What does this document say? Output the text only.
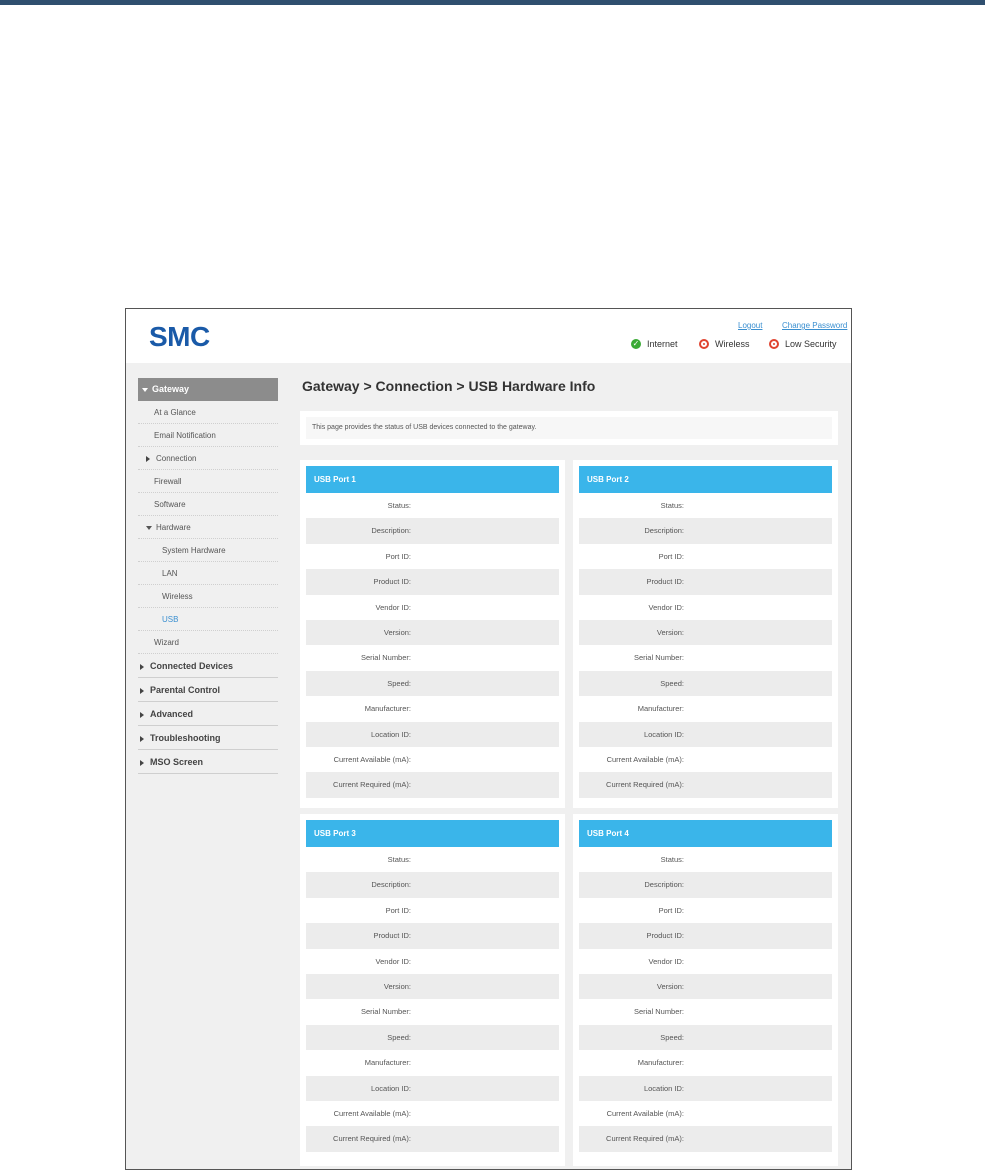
SMC	Logout Change Password
✓ Internet	Wireless	Low Security
Gateway
At a Glance
Email Notification
Connection
Firewall
Software
Hardware
System Hardware
LAN
Wireless
USB
Wizard
Connected Devices
Parental Control
Advanced
Troubleshooting
MSO Screen
Gateway > Connection > USB Hardware Info
This page provides the status of USB devices connected to the gateway.
USB Port 1
Status:
Description:
Port ID:
Product ID:
Vendor ID:
Version:
Serial Number:
Speed:
Manufacturer:
Location ID:
Current Available (mA):
Current Required (mA):
USB Port 2
Status:
Description:
Port ID:
Product ID:
Vendor ID:
Version:
Serial Number:
Speed:
Manufacturer:
Location ID:
Current Available (mA):
Current Required (mA):
USB Port 3
Status:
Description:
Port ID:
Product ID:
Vendor ID:
Version:
Serial Number:
Speed:
Manufacturer:
Location ID:
Current Available (mA):
Current Required (mA):
USB Port 4
Status:
Description:
Port ID:
Product ID:
Vendor ID:
Version:
Serial Number:
Speed:
Manufacturer:
Location ID:
Current Available (mA):
Current Required (mA):
